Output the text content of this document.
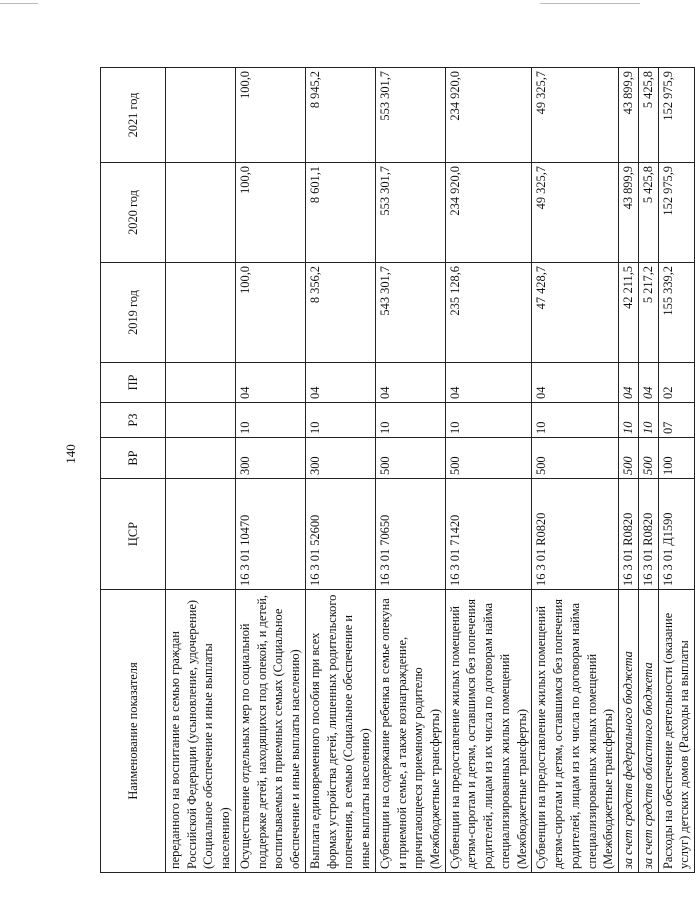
140
Наименование показателя	ЦСР	ВР	РЗ	ПР	2019 год	2020 год	2021 год
переданного на воспитание в семью граждан Российской Федерации (усыновление, удочерение) (Социальное обеспечение и иные выплаты населению)							
Осуществление отдельных мер по социальной поддержке детей, находящихся под опекой, и детей, воспитываемых в приемных семьях (Социальное обеспечение и иные выплаты населению)	16 3 01 10470	300	10	04	100,0	100,0	100,0
Выплата единовременного пособия при всех формах устройства детей, лишенных родительского попечения, в семью (Социальное обеспечение и иные выплаты населению)	16 3 01 52600	300	10	04	8 356,2	8 601,1	8 945,2
Субвенции на содержание ребенка в семье опекуна и приемной семье, а также вознаграждение, причитающееся приемному родителю (Межбюджетные трансферты)	16 3 01 70650	500	10	04	543 301,7	553 301,7	553 301,7
Субвенции на предоставление жилых помещений детям-сиротам и детям, оставшимся без попечения родителей, лицам из их числа по договорам найма специализированных жилых помещений (Межбюджетные трансферты)	16 3 01 71420	500	10	04	235 128,6	234 920,0	234 920,0
Субвенции на предоставление жилых помещений детям-сиротам и детям, оставшимся без попечения родителей, лицам из их числа по договорам найма специализированных жилых помещений (Межбюджетные трансферты)	16 3 01 R0820	500	10	04	47 428,7	49 325,7	49 325,7
за счет средств федерального бюджета	16 3 01 R0820	500	10	04	42 211,5	43 899,9	43 899,9
за счет средств областного бюджета	16 3 01 R0820	500	10	04	5 217,2	5 425,8	5 425,8
Расходы на обеспечение деятельности (оказание услуг) детских домов (Расходы на выплаты	16 3 01 Д1590	100	07	02	155 339,2	152 975,9	152 975,9
